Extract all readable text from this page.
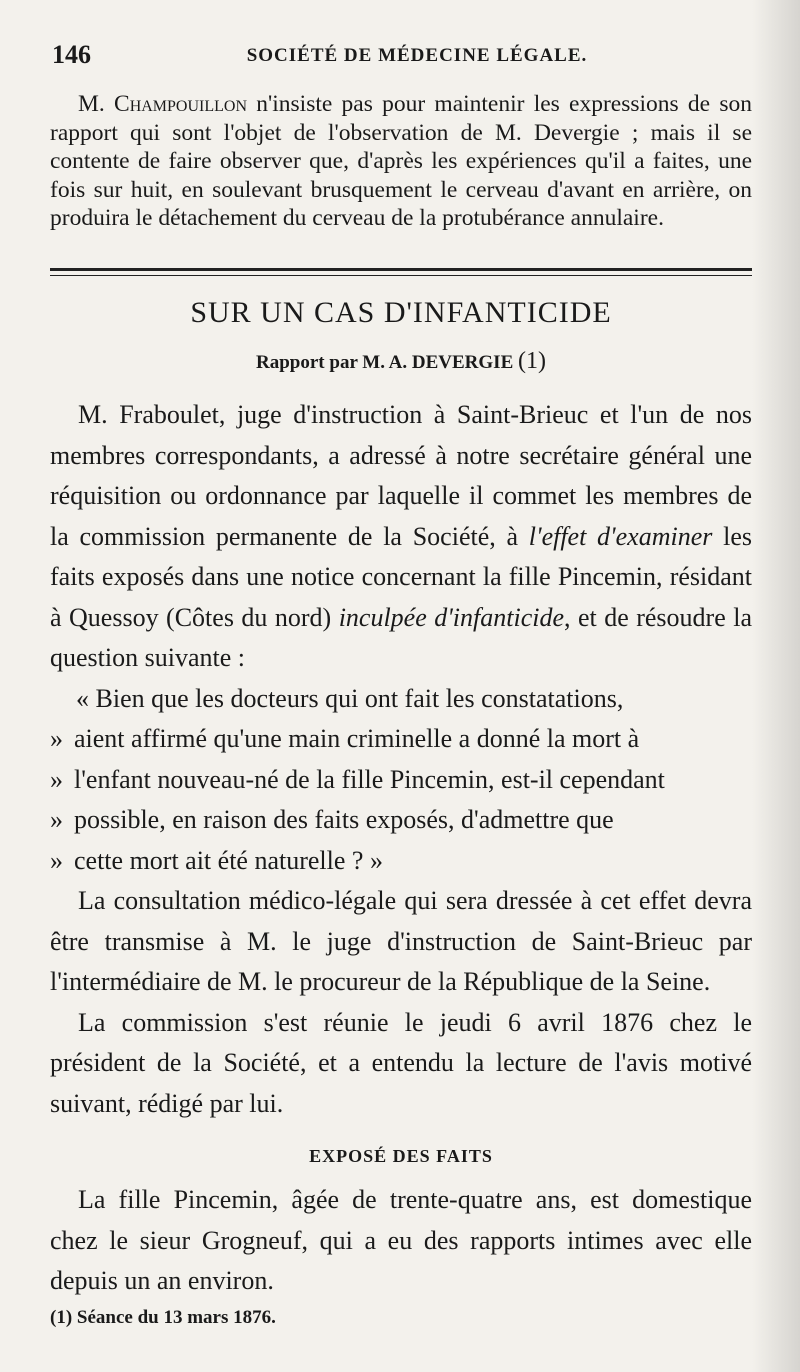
146	SOCIÉTÉ DE MÉDECINE LÉGALE.

M. Champouillon n'insiste pas pour maintenir les expressions de son rapport qui sont l'objet de l'observation de M. Devergie ; mais il se contente de faire observer que, d'après les expériences qu'il a faites, une fois sur huit, en soulevant brusquement le cerveau d'avant en arrière, on produira le détachement du cerveau de la protubérance annulaire.

SUR UN CAS D'INFANTICIDE
Rapport par M. A. DEVERGIE (1)

M. Fraboulet, juge d'instruction à Saint-Brieuc et l'un de nos membres correspondants, a adressé à notre secrétaire général une réquisition ou ordonnance par laquelle il commet les membres de la commission permanente de la Société, à l'effet d'examiner les faits exposés dans une notice concernant la fille Pincemin, résidant à Quessoy (Côtes du nord) inculpée d'infanticide, et de résoudre la question suivante :

« Bien que les docteurs qui ont fait les constatations,
» aient affirmé qu'une main criminelle a donné la mort à
» l'enfant nouveau-né de la fille Pincemin, est-il cependant
» possible, en raison des faits exposés, d'admettre que
» cette mort ait été naturelle ? »

La consultation médico-légale qui sera dressée à cet effet devra être transmise à M. le juge d'instruction de Saint-Brieuc par l'intermédiaire de M. le procureur de la République de la Seine.

La commission s'est réunie le jeudi 6 avril 1876 chez le président de la Société, et a entendu la lecture de l'avis motivé suivant, rédigé par lui.

EXPOSÉ DES FAITS

La fille Pincemin, âgée de trente-quatre ans, est domestique chez le sieur Grogneuf, qui a eu des rapports intimes avec elle depuis un an environ.

(1) Séance du 13 mars 1876.
